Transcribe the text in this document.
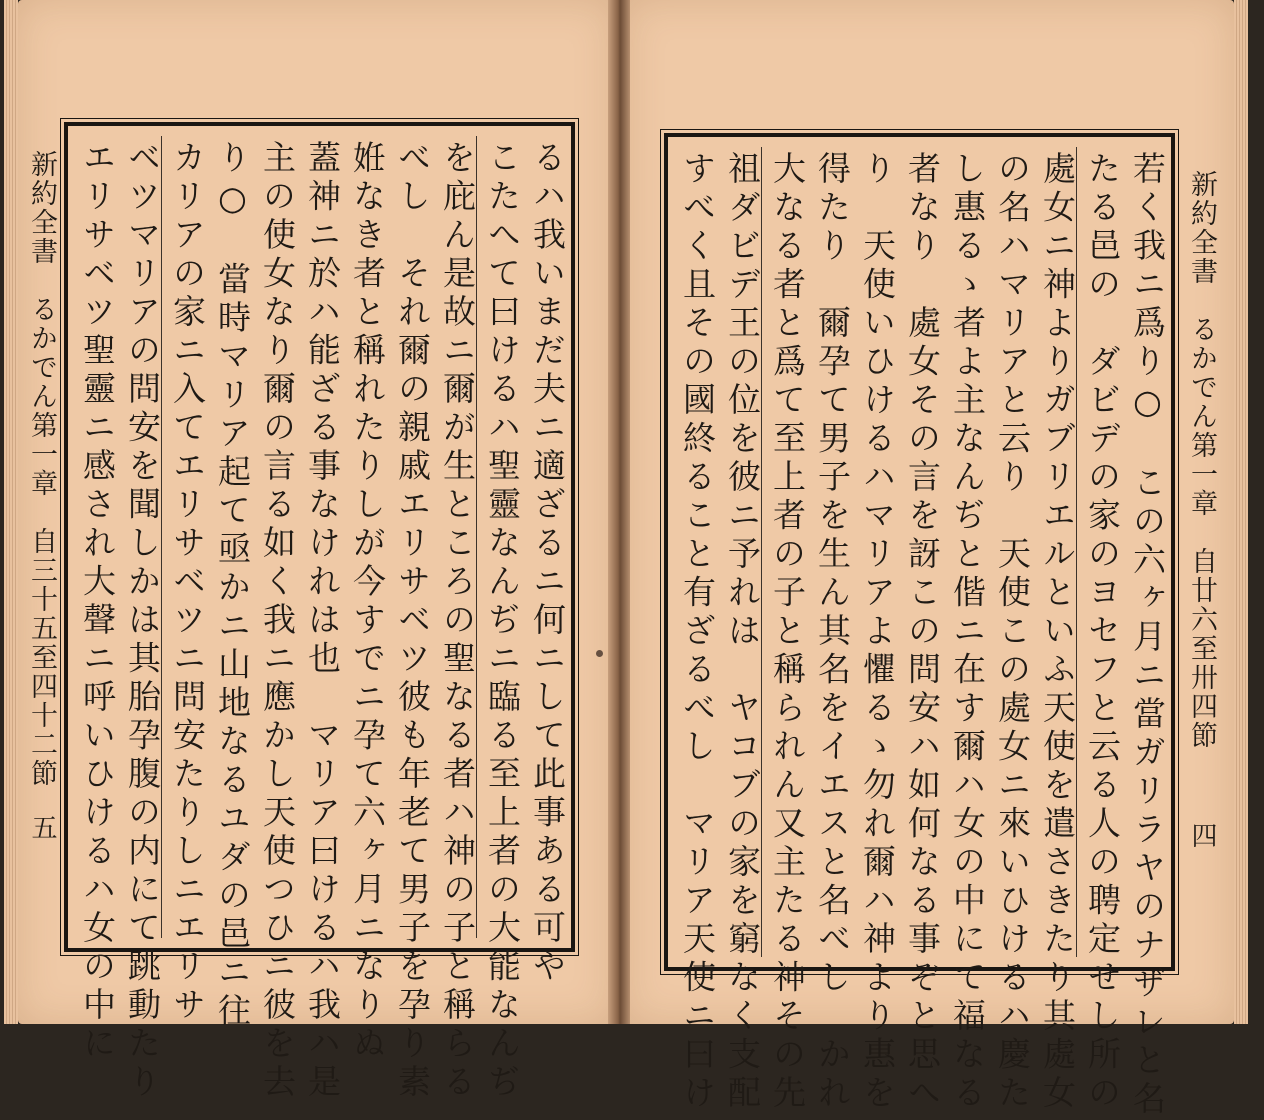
新約全書　るかでん第一章　自三十五至四十二節
五	るハ我いまだ夫ニ適ざるニ何ニして此事ある可や
こたへて曰けるハ聖靈なんぢニ臨る至上者の大能なんぢ
を庇ん是故ニ爾が生ところの聖なる者ハ神の子と稱らる
べし　それ爾の親戚エリサベツ彼も年老て男子を孕り素
姙なき者と稱れたりしが今すでニ孕て六ヶ月ニなりぬ
蓋神ニ於ハ能ざる事なけれは也　マリア曰けるハ我ハ是
主の使女なり爾の言る如く我ニ應かし天使つひニ彼を去
り○　當時マリア起て亟かニ山地なるユダの邑ニ往
カリアの家ニ入てエリサベツニ問安たりしニエリサ
ベツマリアの問安を聞しかは其胎孕腹の内にて跳動たり
エリサベツ聖靈ニ感され大聲ニ呼いひけるハ女の中に	新約全書　るかでん第一章　自廿六至卅四節
四
若く我ニ爲り○　この六ヶ月ニ當ガリラヤのナザレと名
たる邑の　ダビデの家のヨセフと云る人の聘定せし所の
處女ニ神よりガブリエルといふ天使を遣さきたり其處女
の名ハマリアと云り　天使この處女ニ來いひけるハ慶た
し惠るゝ者よ主なんぢと偕ニ在す爾ハ女の中にて福なる
者なり　處女その言を訝この問安ハ如何なる事ぞと思へ
り　天使いひけるハマリアよ懼るゝ勿れ爾ハ神より惠を
得たり　爾孕て男子を生ん其名をイエスと名べし　かれ
大なる者と爲て至上者の子と稱られん又主たる神その先
祖ダビデ王の位を彼ニ予れは　ヤコブの家を窮なく支配
すべく且その國終ること有ざるべし　マリア天使ニ曰け
